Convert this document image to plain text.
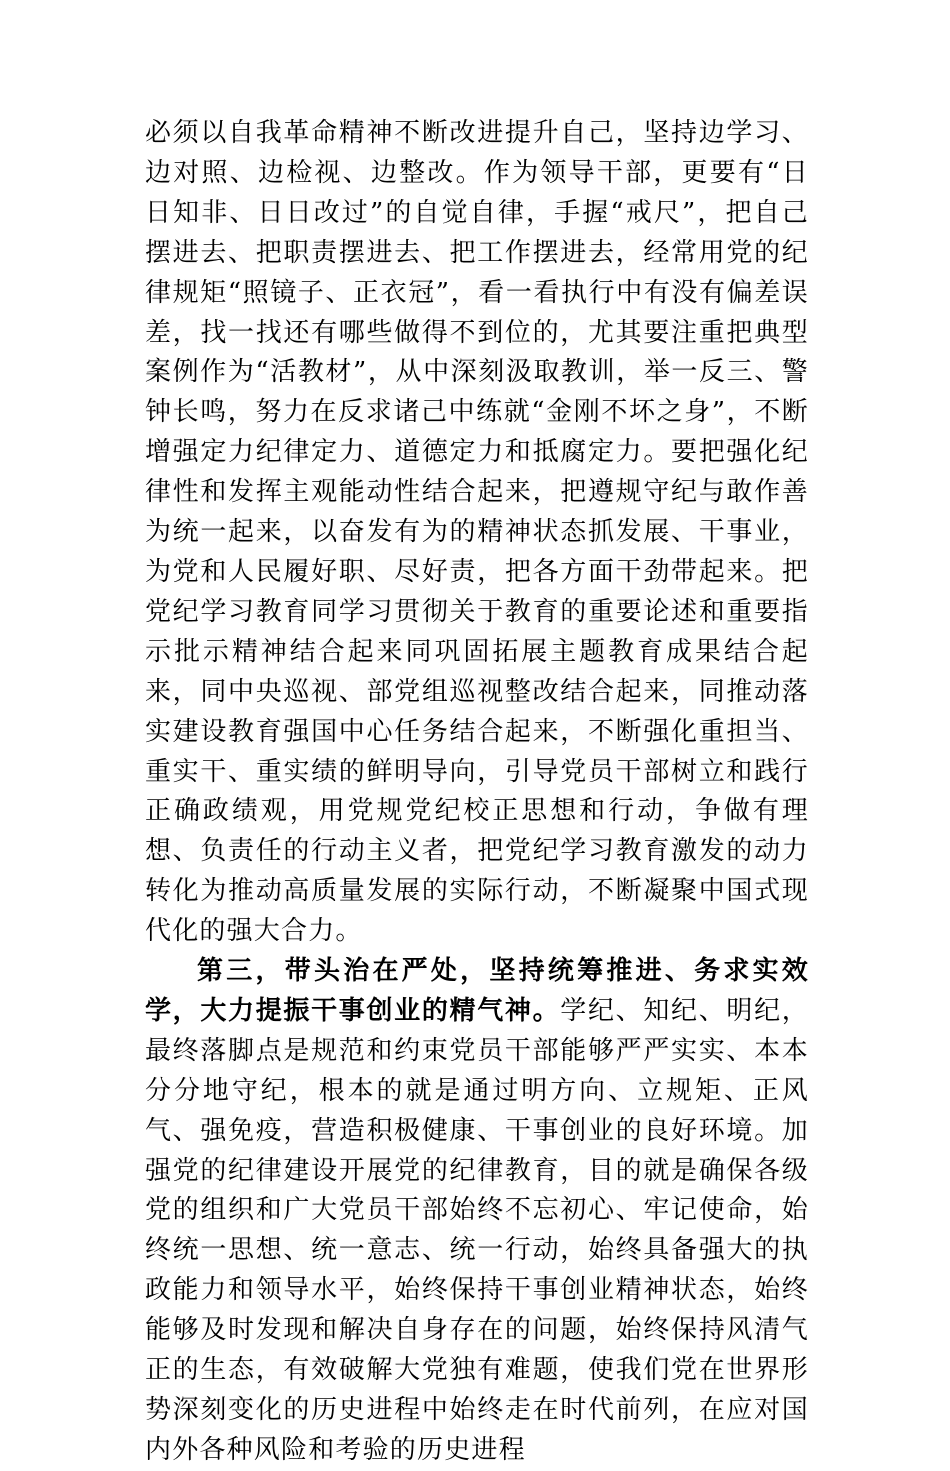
必须以自我革命精神不断改进提升自己，坚持边学习、边对照、边检视、边整改。作为领导干部，更要有“日日知非、日日改过”的自觉自律，手握“戒尺”，把自己摆进去、把职责摆进去、把工作摆进去，经常用党的纪律规矩“照镜子、正衣冠”，看一看执行中有没有偏差误差，找一找还有哪些做得不到位的，尤其要注重把典型案例作为“活教材”，从中深刻汲取教训，举一反三、警钟长鸣，努力在反求诸己中练就“金刚不坏之身”，不断增强定力纪律定力、道德定力和抵腐定力。要把强化纪律性和发挥主观能动性结合起来，把遵规守纪与敢作善为统一起来，以奋发有为的精神状态抓发展、干事业，为党和人民履好职、尽好责，把各方面干劲带起来。把党纪学习教育同学习贯彻关于教育的重要论述和重要指示批示精神结合起来同巩固拓展主题教育成果结合起来，同中央巡视、部党组巡视整改结合起来，同推动落实建设教育强国中心任务结合起来，不断强化重担当、重实干、重实绩的鲜明导向，引导党员干部树立和践行正确政绩观，用党规党纪校正思想和行动，争做有理想、负责任的行动主义者，把党纪学习教育激发的动力转化为推动高质量发展的实际行动，不断凝聚中国式现代化的强大合力。

第三，带头治在严处，坚持统筹推进、务求实效学，大力提振干事创业的精气神。学纪、知纪、明纪，最终落脚点是规范和约束党员干部能够严严实实、本本分分地守纪，根本的就是通过明方向、立规矩、正风气、强免疫，营造积极健康、干事创业的良好环境。加强党的纪律建设开展党的纪律教育，目的就是确保各级党的组织和广大党员干部始终不忘初心、牢记使命，始终统一思想、统一意志、统一行动，始终具备强大的执政能力和领导水平，始终保持干事创业精神状态，始终能够及时发现和解决自身存在的问题，始终保持风清气正的生态，有效破解大党独有难题，使我们党在世界形势深刻变化的历史进程中始终走在时代前列，在应对国内外各种风险和考验的历史进程
